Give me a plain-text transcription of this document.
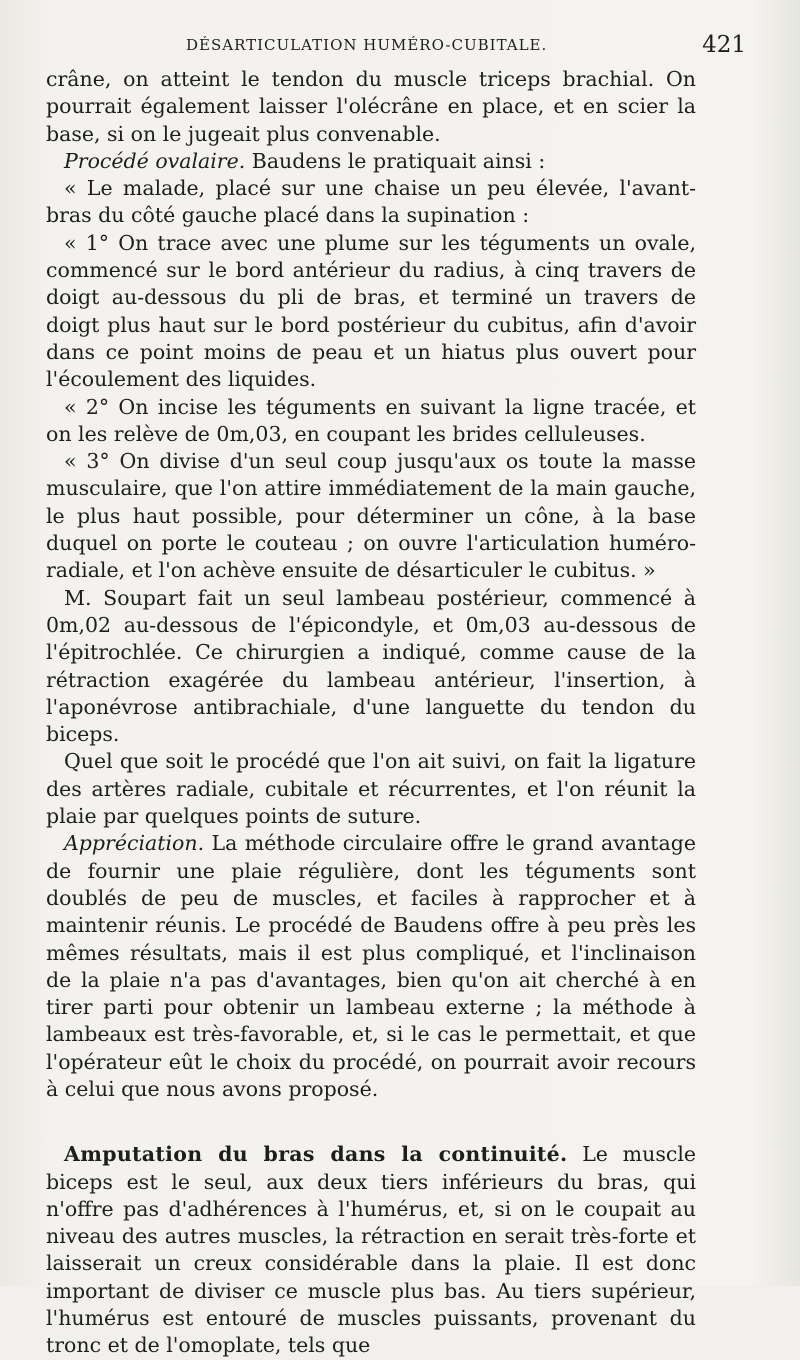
DÉSARTICULATION HUMÉRO-CUBITALE.	421

crâne, on atteint le tendon du muscle triceps brachial. On pourrait également laisser l'olécrâne en place, et en scier la base, si on le jugeait plus convenable.

Procédé ovalaire. Baudens le pratiquait ainsi :

« Le malade, placé sur une chaise un peu élevée, l'avant-bras du côté gauche placé dans la supination :

« 1° On trace avec une plume sur les téguments un ovale, commencé sur le bord antérieur du radius, à cinq travers de doigt au-dessous du pli de bras, et terminé un travers de doigt plus haut sur le bord postérieur du cubitus, afin d'avoir dans ce point moins de peau et un hiatus plus ouvert pour l'écoulement des liquides.

« 2° On incise les téguments en suivant la ligne tracée, et on les relève de 0m,03, en coupant les brides celluleuses.

« 3° On divise d'un seul coup jusqu'aux os toute la masse musculaire, que l'on attire immédiatement de la main gauche, le plus haut possible, pour déterminer un cône, à la base duquel on porte le couteau ; on ouvre l'articulation huméro-radiale, et l'on achève ensuite de désarticuler le cubitus. »

M. Soupart fait un seul lambeau postérieur, commencé à 0m,02 au-dessous de l'épicondyle, et 0m,03 au-dessous de l'épitrochlée. Ce chirurgien a indiqué, comme cause de la rétraction exagérée du lambeau antérieur, l'insertion, à l'aponévrose antibrachiale, d'une languette du tendon du biceps.

Quel que soit le procédé que l'on ait suivi, on fait la ligature des artères radiale, cubitale et récurrentes, et l'on réunit la plaie par quelques points de suture.

Appréciation. La méthode circulaire offre le grand avantage de fournir une plaie régulière, dont les téguments sont doublés de peu de muscles, et faciles à rapprocher et à maintenir réunis. Le procédé de Baudens offre à peu près les mêmes résultats, mais il est plus compliqué, et l'inclinaison de la plaie n'a pas d'avantages, bien qu'on ait cherché à en tirer parti pour obtenir un lambeau externe ; la méthode à lambeaux est très-favorable, et, si le cas le permettait, et que l'opérateur eût le choix du procédé, on pourrait avoir recours à celui que nous avons proposé.

Amputation du bras dans la continuité. Le muscle biceps est le seul, aux deux tiers inférieurs du bras, qui n'offre pas d'adhérences à l'humérus, et, si on le coupait au niveau des autres muscles, la rétraction en serait très-forte et laisserait un creux considérable dans la plaie. Il est donc important de diviser ce muscle plus bas. Au tiers supérieur, l'humérus est entouré de muscles puissants, provenant du tronc et de l'omoplate, tels que
